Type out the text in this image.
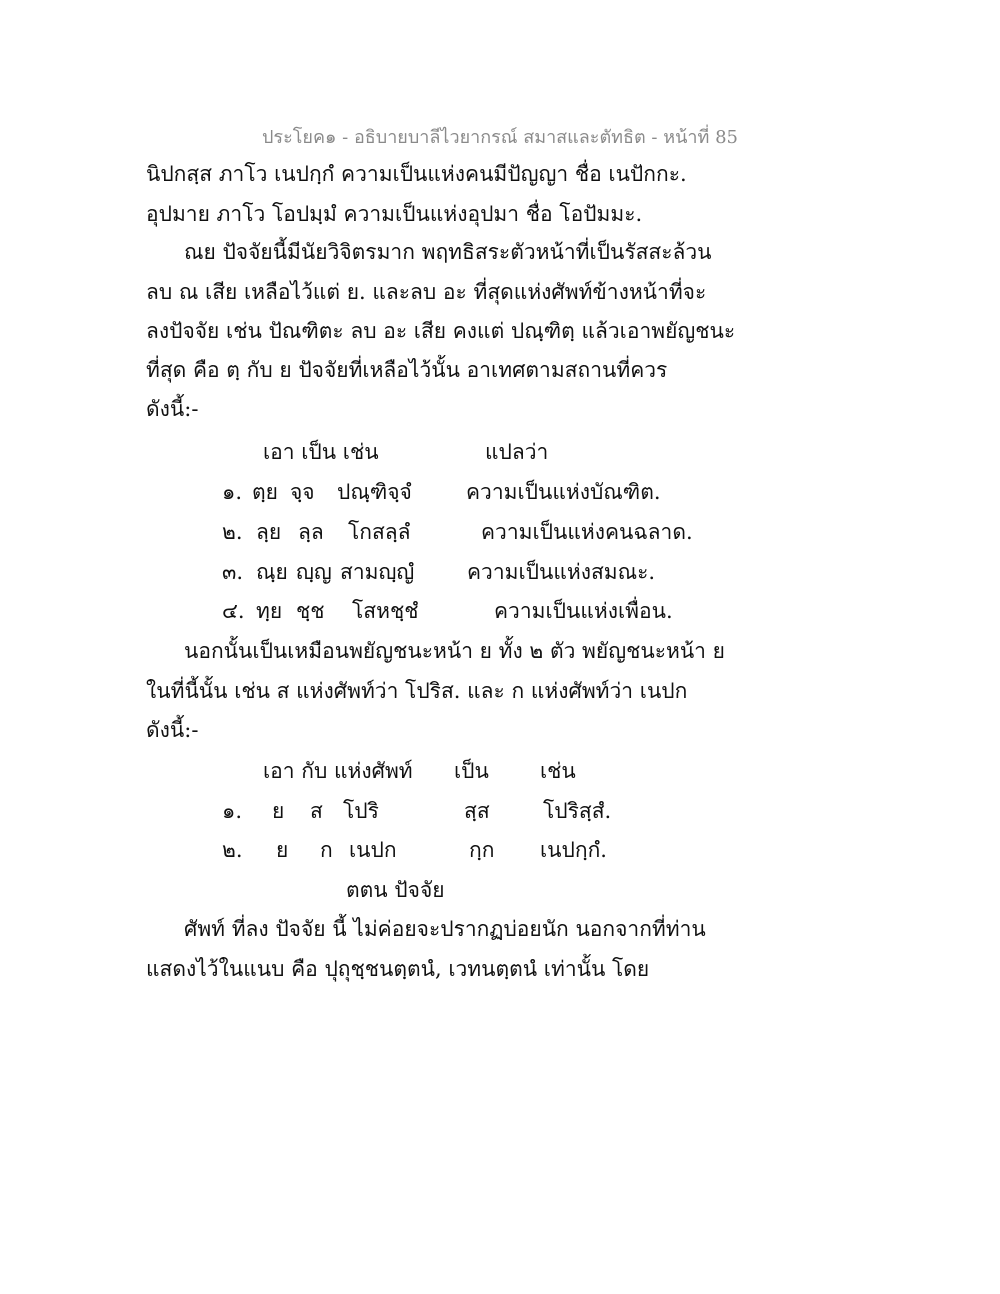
ประโยค๑ - อธิบายบาลีไวยากรณ์ สมาสและตัทธิต - หน้าที่ 85
นิปกสฺส ภาโว เนปกฺกํ ความเป็นแห่งคนมีปัญญา ชื่อ เนปักกะ.
อุปมาย ภาโว โอปมฺมํ ความเป็นแห่งอุปมา ชื่อ โอปัมมะ.
ณย ปัจจัยนี้มีนัยวิจิตรมาก พฤทธิสระตัวหน้าที่เป็นรัสสะล้วน
ลบ ณ เสีย เหลือไว้แต่ ย. และลบ อะ ที่สุดแห่งศัพท์ข้างหน้าที่จะ
ลงปัจจัย เช่น ปัณฑิตะ ลบ อะ เสีย คงแต่ ปณฺฑิตฺ แล้วเอาพยัญชนะ
ที่สุด คือ ตฺ กับ ย ปัจจัยที่เหลือไว้นั้น อาเทศตามสถานที่ควร
ดังนี้:-
เอา เป็น เช่น	แปลว่า
๑. ตฺย จฺจ ปณฺฑิจฺจํ	ความเป็นแห่งบัณฑิต.
๒. ลฺย ลฺล โกสลฺลํ	ความเป็นแห่งคนฉลาด.
๓. ณฺย ญฺญ สามญฺญํ	ความเป็นแห่งสมณะ.
๔. ทฺย ชฺช โสหชฺชํ	ความเป็นแห่งเพื่อน.
นอกนั้นเป็นเหมือนพยัญชนะหน้า ย ทั้ง ๒ ตัว พยัญชนะหน้า ย
ในที่นี้นั้น เช่น ส แห่งศัพท์ว่า โปริส. และ ก แห่งศัพท์ว่า เนปก
ดังนี้:-
เอา กับ แห่งศัพท์ เป็น เช่น
๑. ย ส โปริ	สฺส	โปริสฺสํ.
๒. ย ก เนปก	กฺก เนปกฺกํ.
ตตน ปัจจัย
ศัพท์ ที่ลง ปัจจัย นี้ ไม่ค่อยจะปรากฏบ่อยนัก นอกจากที่ท่าน
แสดงไว้ในแนบ คือ ปุถุชฺชนตฺตนํ, เวทนตฺตนํ เท่านั้น โดย
